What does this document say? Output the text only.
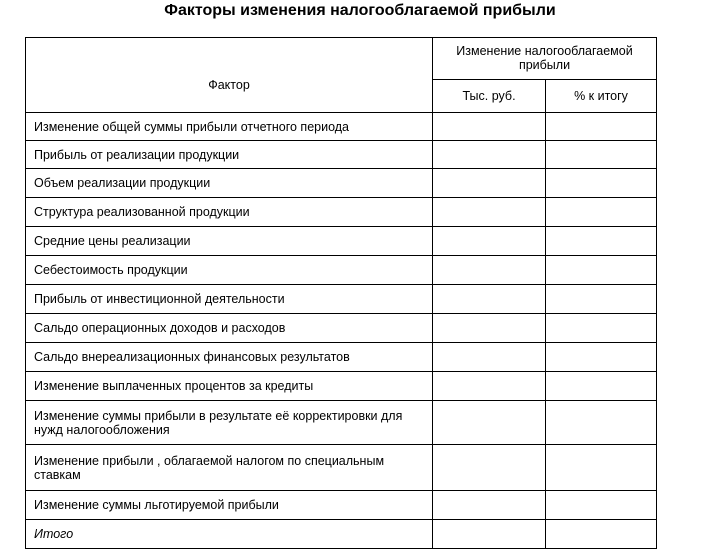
Факторы изменения налогооблагаемой прибыли
Фактор	Изменение налогооблагаемой прибыли	
	Тыс. руб.	% к итогу
Изменение общей суммы прибыли отчетного периода		
Прибыль от реализации продукции		
Объем реализации продукции		
Структура реализованной продукции		
Средние цены реализации		
Себестоимость продукции		
Прибыль от инвестиционной деятельности		
Сальдо операционных доходов и расходов		
Сальдо внереализационных финансовых результатов		
Изменение выплаченных процентов за кредиты		
Изменение суммы прибыли в результате её корректировки для нужд налогообложения		
Изменение прибыли , облагаемой налогом по специальным ставкам		
Изменение суммы льготируемой прибыли		
Итого		
